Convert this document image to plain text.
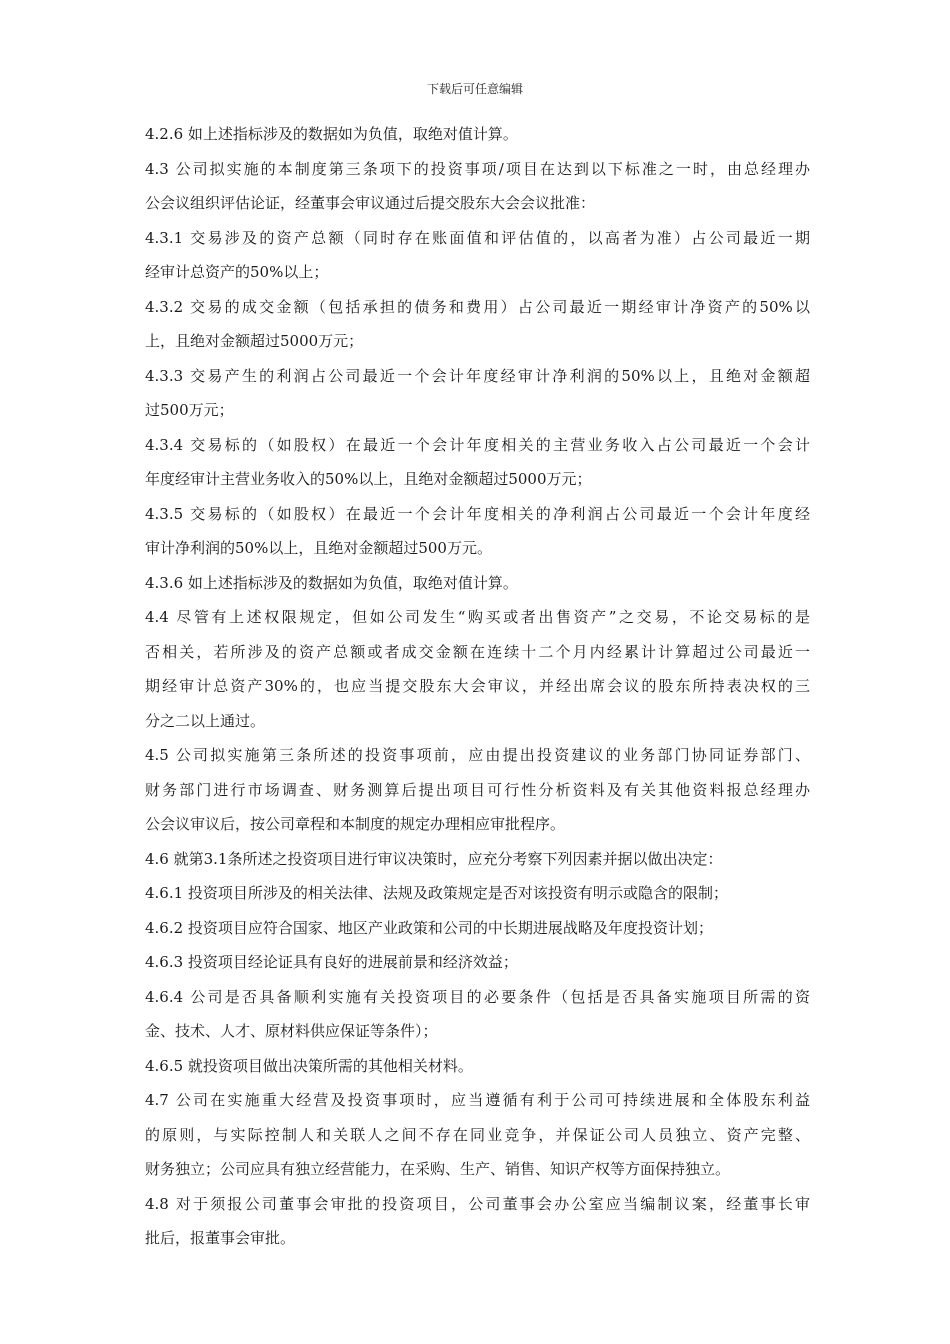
下载后可任意编辑
4.2.6 如上述指标涉及的数据如为负值，取绝对值计算。
4.3 公司拟实施的本制度第三条项下的投资事项/项目在达到以下标准之一时，由总经理办
公会议组织评估论证，经董事会审议通过后提交股东大会会议批准：
4.3.1 交易涉及的资产总额（同时存在账面值和评估值的，以高者为准）占公司最近一期
经审计总资产的50%以上；
4.3.2 交易的成交金额（包括承担的债务和费用）占公司最近一期经审计净资产的50%以
上，且绝对金额超过5000万元；
4.3.3 交易产生的利润占公司最近一个会计年度经审计净利润的50%以上，且绝对金额超
过500万元；
4.3.4 交易标的（如股权）在最近一个会计年度相关的主营业务收入占公司最近一个会计
年度经审计主营业务收入的50%以上，且绝对金额超过5000万元；
4.3.5 交易标的（如股权）在最近一个会计年度相关的净利润占公司最近一个会计年度经
审计净利润的50%以上，且绝对金额超过500万元。
4.3.6 如上述指标涉及的数据如为负值，取绝对值计算。
4.4 尽管有上述权限规定，但如公司发生“购买或者出售资产”之交易，不论交易标的是
否相关，若所涉及的资产总额或者成交金额在连续十二个月内经累计计算超过公司最近一
期经审计总资产30%的，也应当提交股东大会审议，并经出席会议的股东所持表决权的三
分之二以上通过。
4.5 公司拟实施第三条所述的投资事项前，应由提出投资建议的业务部门协同证券部门、
财务部门进行市场调查、财务测算后提出项目可行性分析资料及有关其他资料报总经理办
公会议审议后，按公司章程和本制度的规定办理相应审批程序。
4.6 就第3.1条所述之投资项目进行审议决策时，应充分考察下列因素并据以做出决定：
4.6.1 投资项目所涉及的相关法律、法规及政策规定是否对该投资有明示或隐含的限制；
4.6.2 投资项目应符合国家、地区产业政策和公司的中长期进展战略及年度投资计划；
4.6.3 投资项目经论证具有良好的进展前景和经济效益；
4.6.4 公司是否具备顺利实施有关投资项目的必要条件（包括是否具备实施项目所需的资
金、技术、人才、原材料供应保证等条件）；
4.6.5 就投资项目做出决策所需的其他相关材料。
4.7 公司在实施重大经营及投资事项时，应当遵循有利于公司可持续进展和全体股东利益
的原则，与实际控制人和关联人之间不存在同业竞争，并保证公司人员独立、资产完整、
财务独立；公司应具有独立经营能力，在采购、生产、销售、知识产权等方面保持独立。
4.8 对于须报公司董事会审批的投资项目，公司董事会办公室应当编制议案，经董事长审
批后，报董事会审批。
